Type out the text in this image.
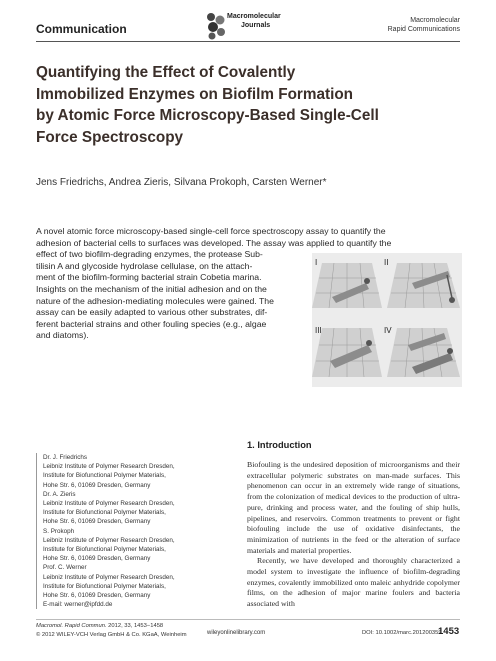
Communication
Macromolecular
Journals
Macromolecular
Rapid Communications
Quantifying the Effect of Covalently
Immobilized Enzymes on Biofilm Formation
by Atomic Force Microscopy-Based Single-Cell
Force Spectroscopy
Jens Friedrichs, Andrea Zieris, Silvana Prokoph, Carsten Werner*
A novel atomic force microscopy-based single-cell force spectroscopy assay to quantify the
adhesion of bacterial cells to surfaces was developed. The assay was applied to quantify the
effect of two biofilm-degrading enzymes, the protease Sub-
tilisin A and glycoside hydrolase cellulase, on the attach-
ment of the biofilm-forming bacterial strain Cobetia marina.
Insights on the mechanism of the initial adhesion and on the
nature of the adhesion-mediating molecules were gained. The
assay can be easily adapted to various other substrates, dif-
ferent bacterial strains and other fouling species (e.g., algae
and diatoms).
I	II
III	IV
Dr. J. Friedrichs
Leibniz Institute of Polymer Research Dresden,
Institute for Biofunctional Polymer Materials,
Hohe Str. 6, 01069 Dresden, Germany
Dr. A. Zieris
Leibniz Institute of Polymer Research Dresden,
Institute for Biofunctional Polymer Materials,
Hohe Str. 6, 01069 Dresden, Germany
S. Prokoph
Leibniz Institute of Polymer Research Dresden,
Institute for Biofunctional Polymer Materials,
Hohe Str. 6, 01069 Dresden, Germany
Prof. C. Werner
Leibniz Institute of Polymer Research Dresden,
Institute for Biofunctional Polymer Materials,
Hohe Str. 6, 01069 Dresden, Germany
E-mail: werner@ipfdd.de
1. Introduction

Biofouling is the undesired deposition of microorganisms and their extracellular polymeric substrates on man-made surfaces. This phenomenon can occur in an extremely wide range of situations, from the colonization of medical devices to the production of ultra-pure, drinking and process water, and the fouling of ship hulls, pipelines, and reservoirs. Common treatments to prevent or fight biofouling include the use of oxidative disinfectants, the minimization of nutrients in the feed or the alteration of surface materials and material properties.

Recently, we have developed and thoroughly characterized a model system to investigate the influence of biofilm-degrading enzymes, covalently immobilized onto maleic anhydride copolymer films, on the adhesion of major marine foulers and bacteria associated with

Macromol. Rapid Commun. 2012, 33, 1453−1458
© 2012 WILEY-VCH Verlag GmbH & Co. KGaA, Weinheim	wileyonlinelibrary.com	DOI: 10.1002/marc.201200359
1453
